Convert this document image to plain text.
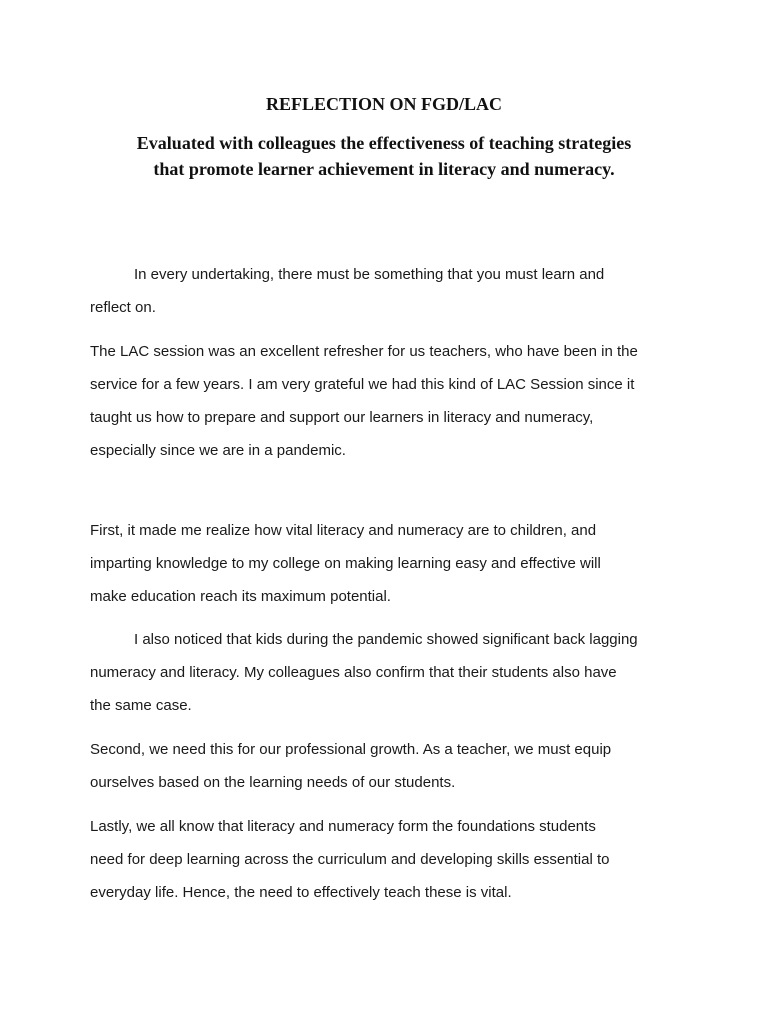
REFLECTION ON FGD/LAC
Evaluated with colleagues the effectiveness of teaching strategies
that promote learner achievement in literacy and numeracy.
In every undertaking, there must be something that you must learn and
reflect on.
The LAC session was an excellent refresher for us teachers, who have been in the
service for a few years. I am very grateful we had this kind of LAC Session since it
taught us how to prepare and support our learners in literacy and numeracy,
especially since we are in a pandemic.
First, it made me realize how vital literacy and numeracy are to children, and
imparting knowledge to my college on making learning easy and effective will
make education reach its maximum potential.
I also noticed that kids during the pandemic showed significant back lagging
numeracy and literacy. My colleagues also confirm that their students also have
the same case.
Second, we need this for our professional growth. As a teacher, we must equip
ourselves based on the learning needs of our students.
Lastly, we all know that literacy and numeracy form the foundations students
need for deep learning across the curriculum and developing skills essential to
everyday life. Hence, the need to effectively teach these is vital.
